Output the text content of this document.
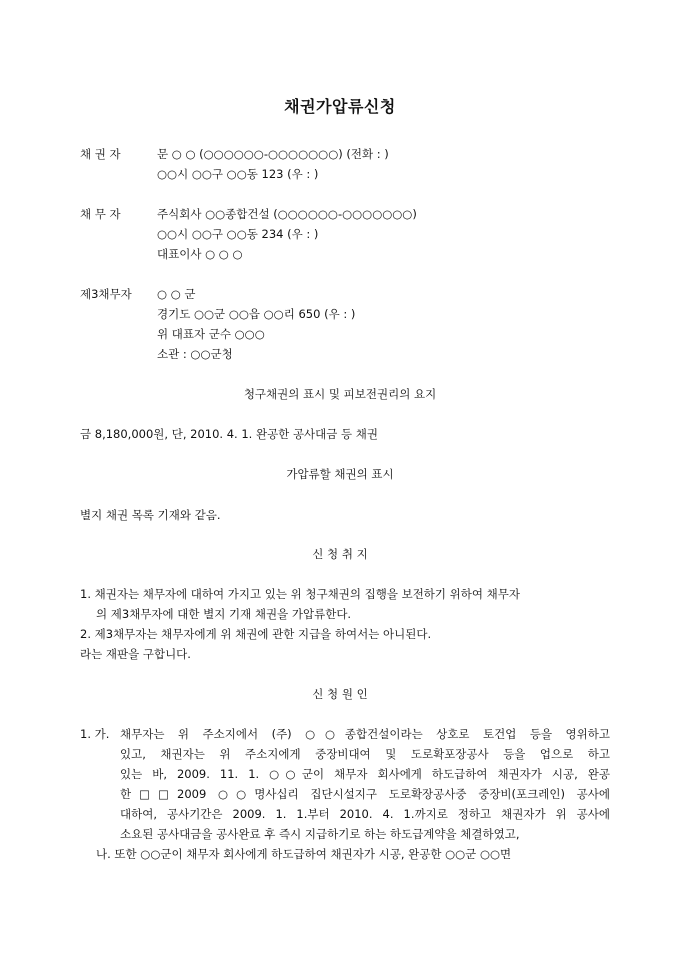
채권가압류신청
채 권 자	문 ○ ○ (○○○○○○-○○○○○○○) (전화 : )
○○시 ○○구 ○○동 123 (우 : )
채 무 자	주식회사 ○○종합건설 (○○○○○○-○○○○○○○)
○○시 ○○구 ○○동 234 (우 : )
대표이사 ○ ○ ○
제3채무자 ○ ○ 군
경기도 ○○군 ○○읍 ○○리 650 (우 : )
위 대표자 군수 ○○○
소관 : ○○군청
청구채권의 표시 및 피보전권리의 요지
금 8,180,000원, 단, 2010. 4. 1. 완공한 공사대금 등 채권
가압류할 채권의 표시
별지 채권 목록 기재와 같음.
신 청 취 지
1. 채권자는 채무자에 대하여 가지고 있는 위 청구채권의 집행을 보전하기 위하여 채무자
의 제3채무자에 대한 별지 기재 채권을 가압류한다.
2. 제3채무자는 채무자에게 위 채권에 관한 지급을 하여서는 아니된다.
라는 재판을 구합니다.
신 청 원 인
1. 가. 채무자는 위 주소지에서 (주) ○○종합건설이라는 상호로 토건업 등을 영위하고
있고, 채권자는 위 주소지에게 중장비대여 및 도로확포장공사 등을 업으로 하고
있는 바, 2009. 11. 1. ○○군이 채무자 회사에게 하도급하여 채권자가 시공, 완공
한□□2009 ○○명사십리 집단시설지구 도로확장공사중 중장비(포크레인) 공사에
대하여, 공사기간은 2009. 1. 1.부터 2010. 4. 1.까지로 정하고 채권자가 위 공사에
소요된 공사대금을 공사완료 후 즉시 지급하기로 하는 하도급계약을 체결하였고,
나. 또한 ○○군이 채무자 회사에게 하도급하여 채권자가 시공, 완공한 ○○군 ○○면
